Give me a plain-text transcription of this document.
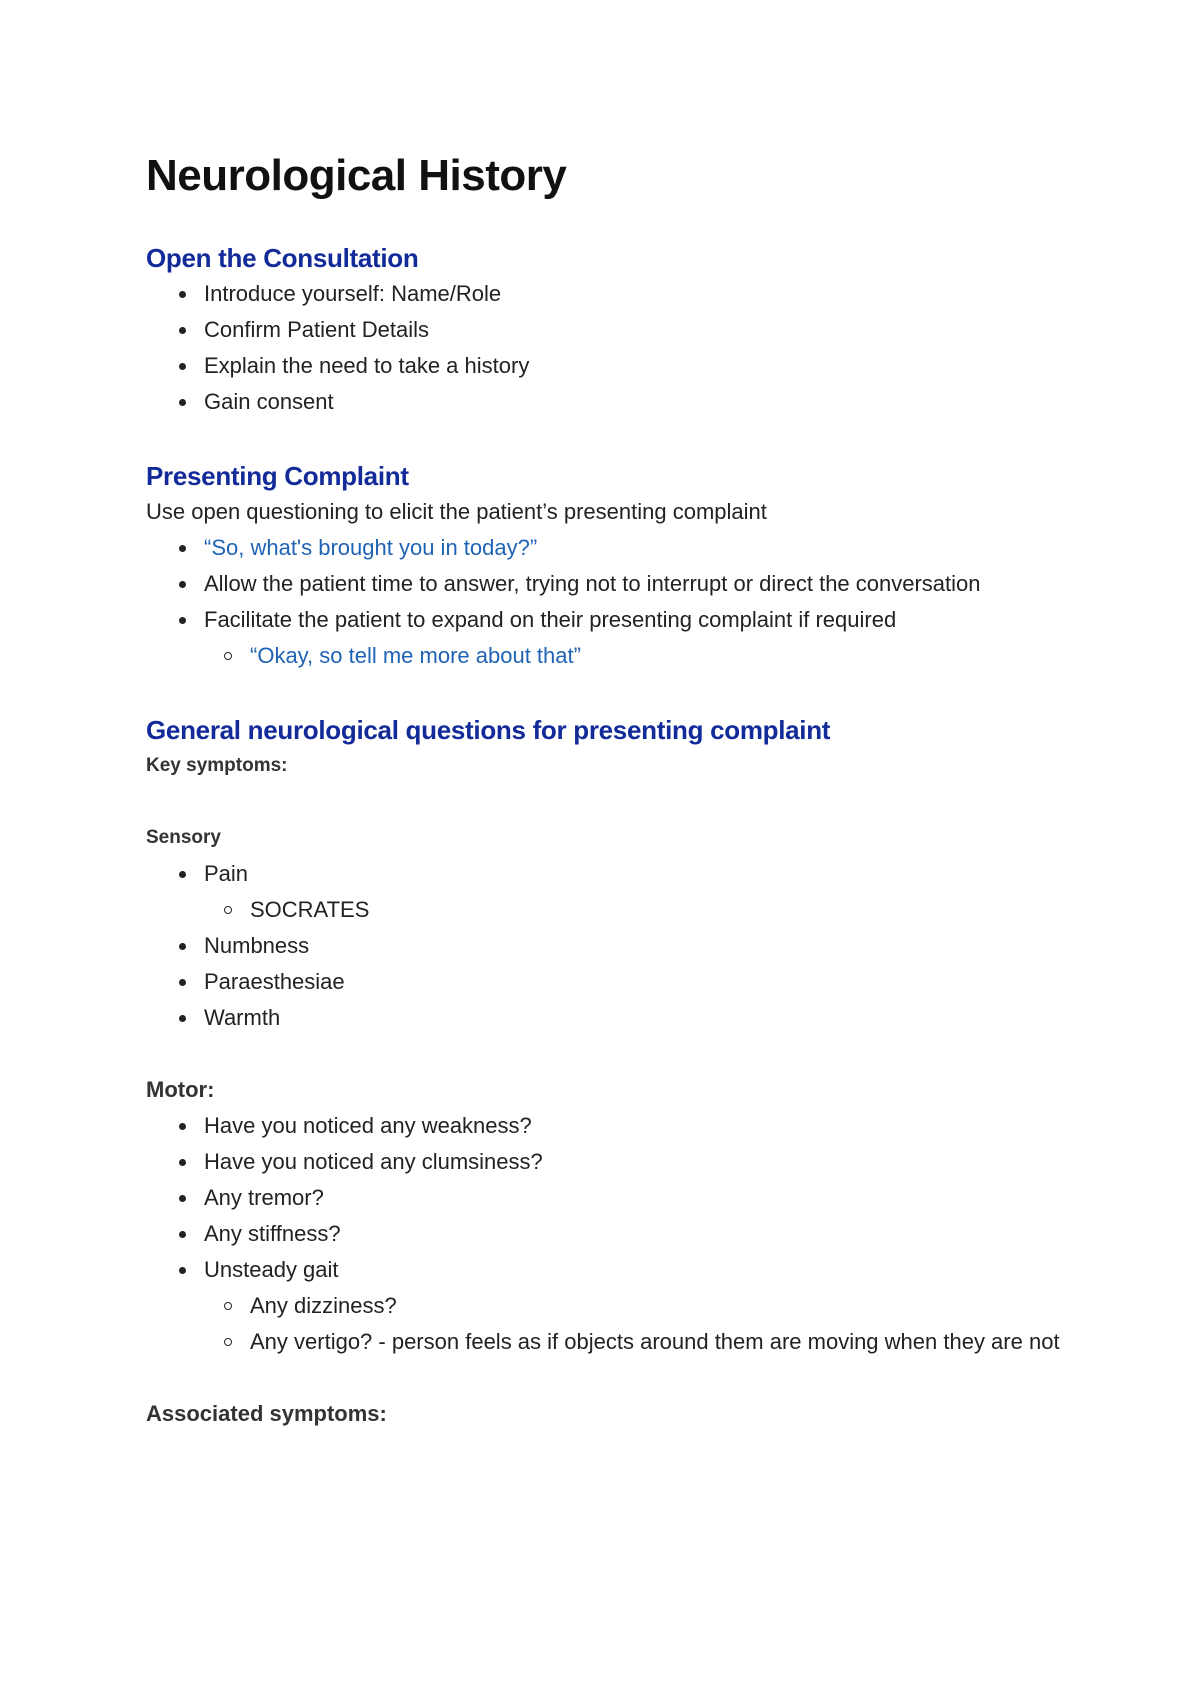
Neurological History
Open the Consultation
Introduce yourself: Name/Role
Confirm Patient Details
Explain the need to take a history
Gain consent
Presenting Complaint

Use open questioning to elicit the patient’s presenting complaint

“So, what's brought you in today?”
Allow the patient time to answer, trying not to interrupt or direct the conversation
Facilitate the patient to expand on their presenting complaint if required
“Okay, so tell me more about that”
General neurological questions for presenting complaint

Key symptoms:

Sensory

Pain
SOCRATES
Numbness
Paraesthesiae
Warmth

Motor:

Have you noticed any weakness?
Have you noticed any clumsiness?
Any tremor?
Any stiffness?
Unsteady gait
Any dizziness?
Any vertigo? - person feels as if objects around them are moving when they are not

Associated symptoms:
